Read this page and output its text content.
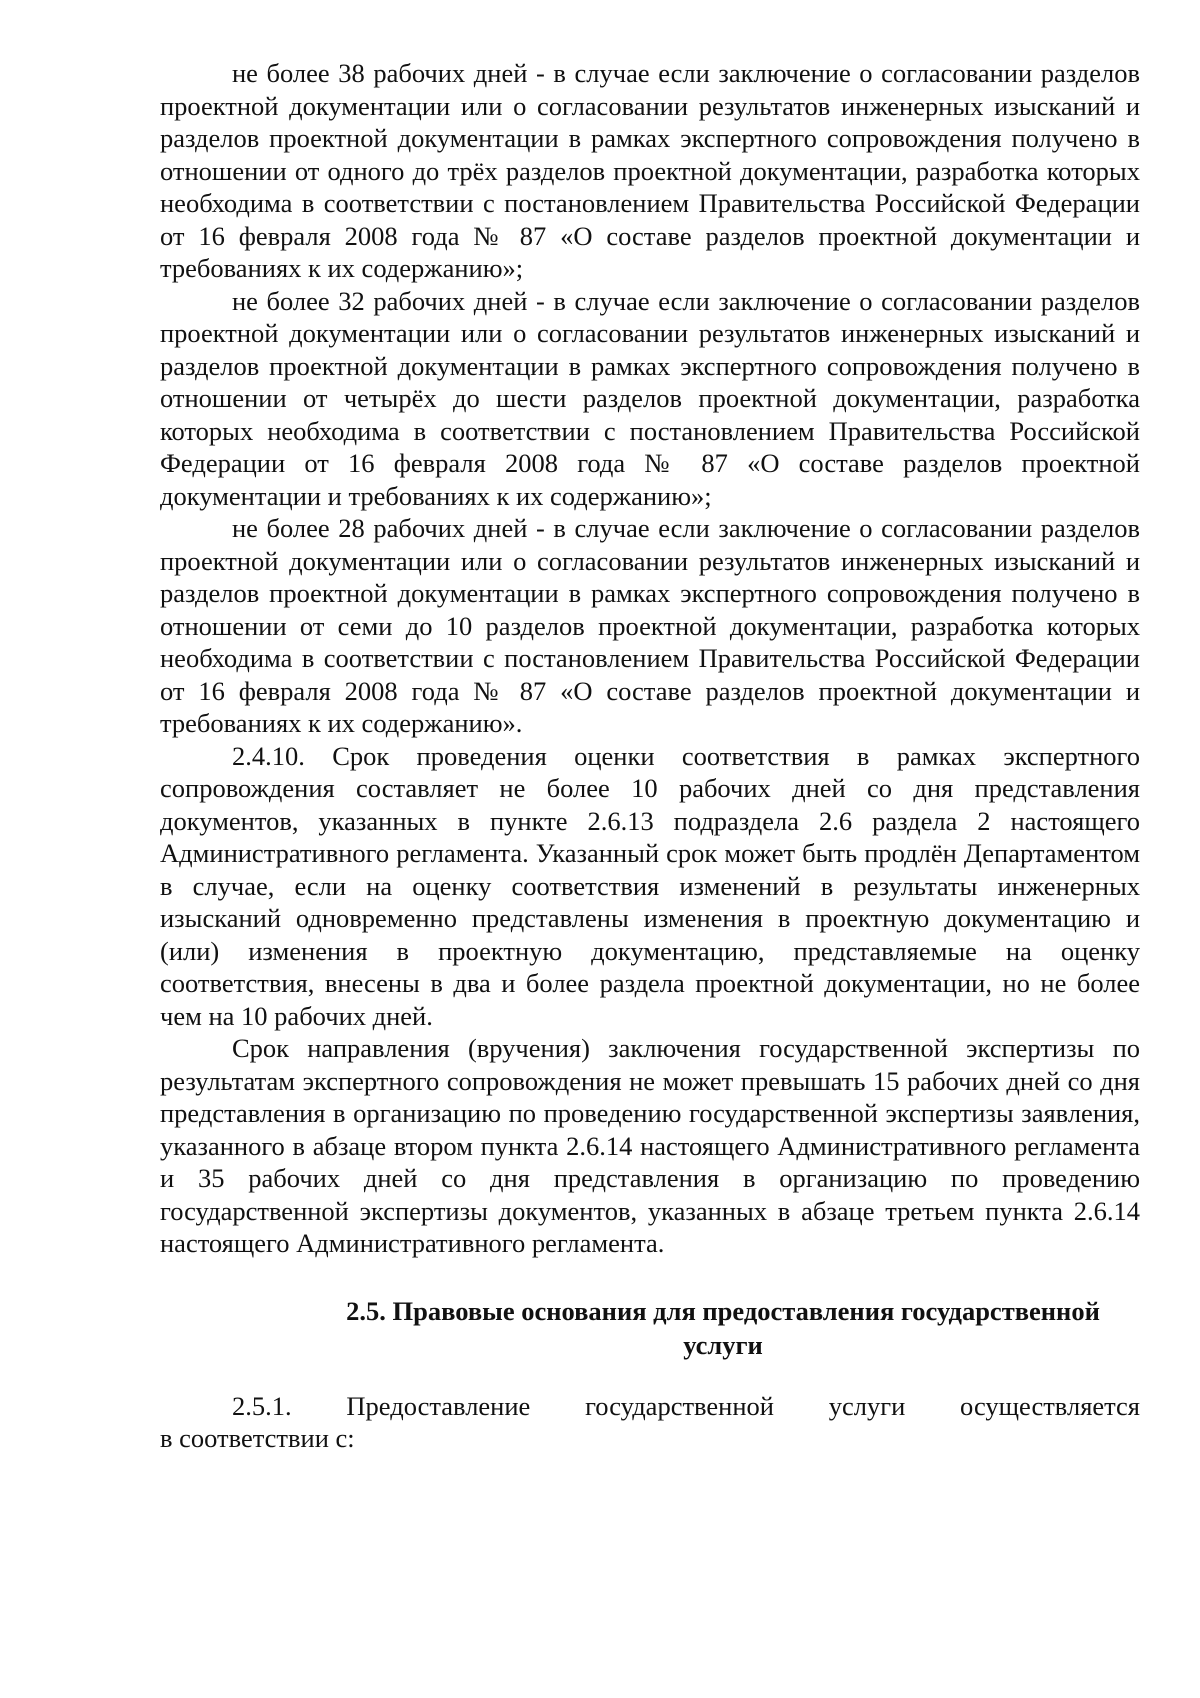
не более 38 рабочих дней - в случае если заключение о согласовании разделов проектной документации или о согласовании результатов инженерных изысканий и разделов проектной документации в рамках экспертного сопровождения получено в отношении от одного до трёх разделов проектной документации, разработка которых необходима в соответствии с постановлением Правительства Российской Федерации от 16 февраля 2008 года № 87 «О составе разделов проектной документации и требованиях к их содержанию»;

не более 32 рабочих дней - в случае если заключение о согласовании разделов проектной документации или о согласовании результатов инженерных изысканий и разделов проектной документации в рамках экспертного сопровождения получено в отношении от четырёх до шести разделов проектной документации, разработка которых необходима в соответствии с постановлением Правительства Российской Федерации от 16 февраля 2008 года № 87 «О составе разделов проектной документации и требованиях к их содержанию»;

не более 28 рабочих дней - в случае если заключение о согласовании разделов проектной документации или о согласовании результатов инженерных изысканий и разделов проектной документации в рамках экспертного сопровождения получено в отношении от семи до 10 разделов проектной документации, разработка которых необходима в соответствии с постановлением Правительства Российской Федерации от 16 февраля 2008 года № 87 «О составе разделов проектной документации и требованиях к их содержанию».

2.4.10. Срок проведения оценки соответствия в рамках экспертного сопровождения составляет не более 10 рабочих дней со дня представления документов, указанных в пункте 2.6.13 подраздела 2.6 раздела 2 настоящего Административного регламента. Указанный срок может быть продлён Департаментом в случае, если на оценку соответствия изменений в результаты инженерных изысканий одновременно представлены изменения в проектную документацию и (или) изменения в проектную документацию, представляемые на оценку соответствия, внесены в два и более раздела проектной документации, но не более чем на 10 рабочих дней.

Срок направления (вручения) заключения государственной экспертизы по результатам экспертного сопровождения не может превышать 15 рабочих дней со дня представления в организацию по проведению государственной экспертизы заявления, указанного в абзаце втором пункта 2.6.14 настоящего Административного регламента и 35 рабочих дней со дня представления в организацию по проведению государственной экспертизы документов, указанных в абзаце третьем пункта 2.6.14 настоящего Административного регламента.

2.5. Правовые основания для предоставления государственной
услуги

2.5.1. Предоставление государственной услуги осуществляется

в соответствии с:
